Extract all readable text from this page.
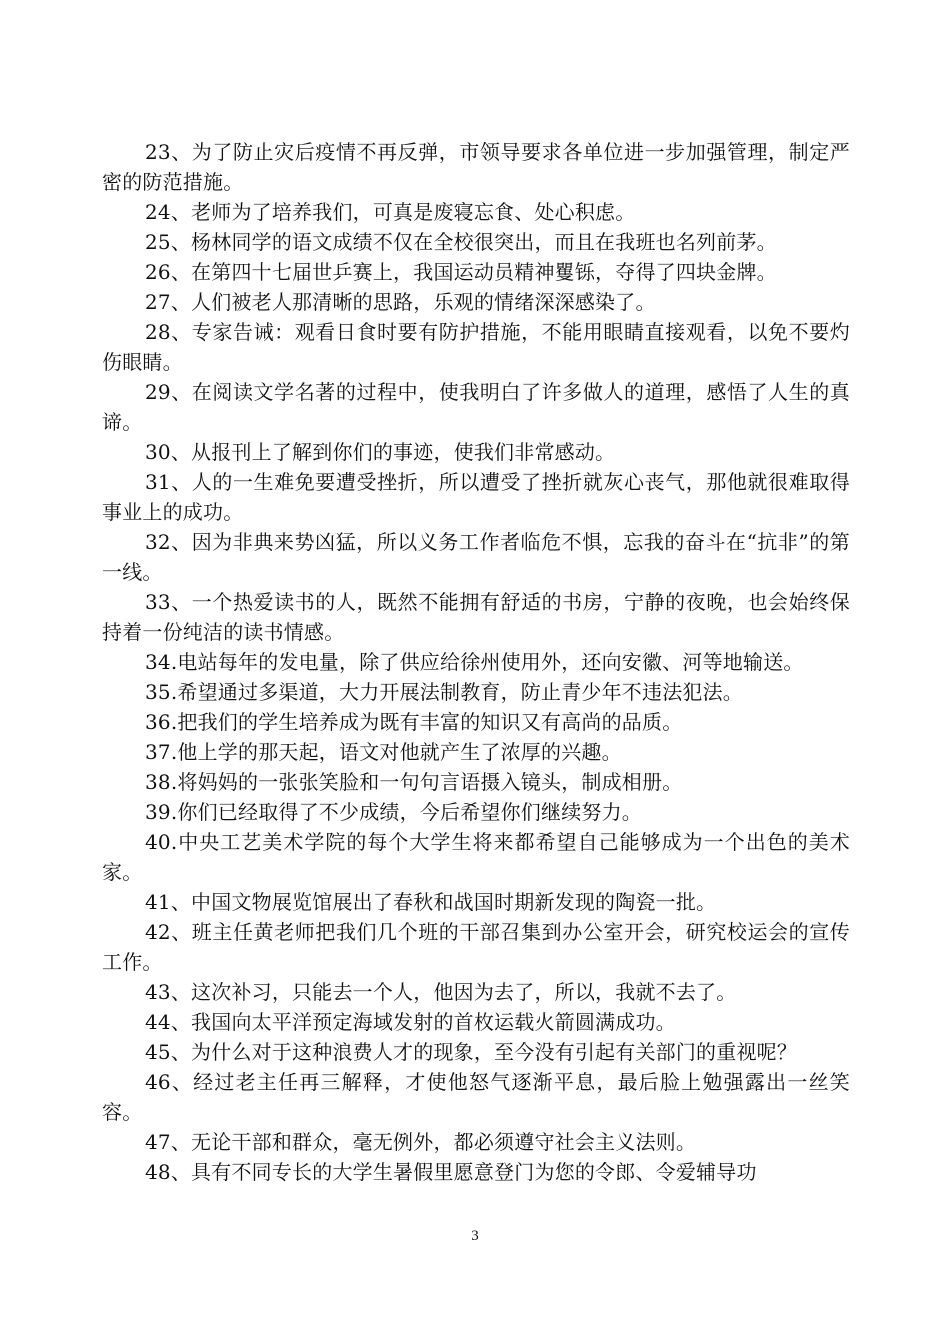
23、为了防止灾后疫情不再反弹，市领导要求各单位进一步加强管理，制定严密的防范措施。

24、老师为了培养我们，可真是废寝忘食、处心积虑。

25、杨林同学的语文成绩不仅在全校很突出，而且在我班也名列前茅。

26、在第四十七届世乒赛上，我国运动员精神矍铄，夺得了四块金牌。

27、人们被老人那清晰的思路，乐观的情绪深深感染了。

28、专家告诫：观看日食时要有防护措施，不能用眼睛直接观看，以免不要灼伤眼睛。

29、在阅读文学名著的过程中，使我明白了许多做人的道理，感悟了人生的真谛。

30、从报刊上了解到你们的事迹，使我们非常感动。

31、人的一生难免要遭受挫折，所以遭受了挫折就灰心丧气，那他就很难取得事业上的成功。

32、因为非典来势凶猛，所以义务工作者临危不惧，忘我的奋斗在“抗非”的第一线。

33、一个热爱读书的人，既然不能拥有舒适的书房，宁静的夜晚，也会始终保持着一份纯洁的读书情感。

34.电站每年的发电量，除了供应给徐州使用外，还向安徽、河等地输送。

35.希望通过多渠道，大力开展法制教育，防止青少年不违法犯法。

36.把我们的学生培养成为既有丰富的知识又有高尚的品质。

37.他上学的那天起，语文对他就产生了浓厚的兴趣。

38.将妈妈的一张张笑脸和一句句言语摄入镜头，制成相册。

39.你们已经取得了不少成绩，今后希望你们继续努力。

40.中央工艺美术学院的每个大学生将来都希望自己能够成为一个出色的美术家。

41、中国文物展览馆展出了春秋和战国时期新发现的陶瓷一批。

42、班主任黄老师把我们几个班的干部召集到办公室开会，研究校运会的宣传工作。

43、这次补习，只能去一个人，他因为去了，所以，我就不去了。

44、我国向太平洋预定海域发射的首枚运载火箭圆满成功。

45、为什么对于这种浪费人才的现象，至今没有引起有关部门的重视呢？

46、经过老主任再三解释，才使他怒气逐渐平息，最后脸上勉强露出一丝笑容。

47、无论干部和群众，毫无例外，都必须遵守社会主义法则。

48、具有不同专长的大学生暑假里愿意登门为您的令郎、令爱辅导功

3
